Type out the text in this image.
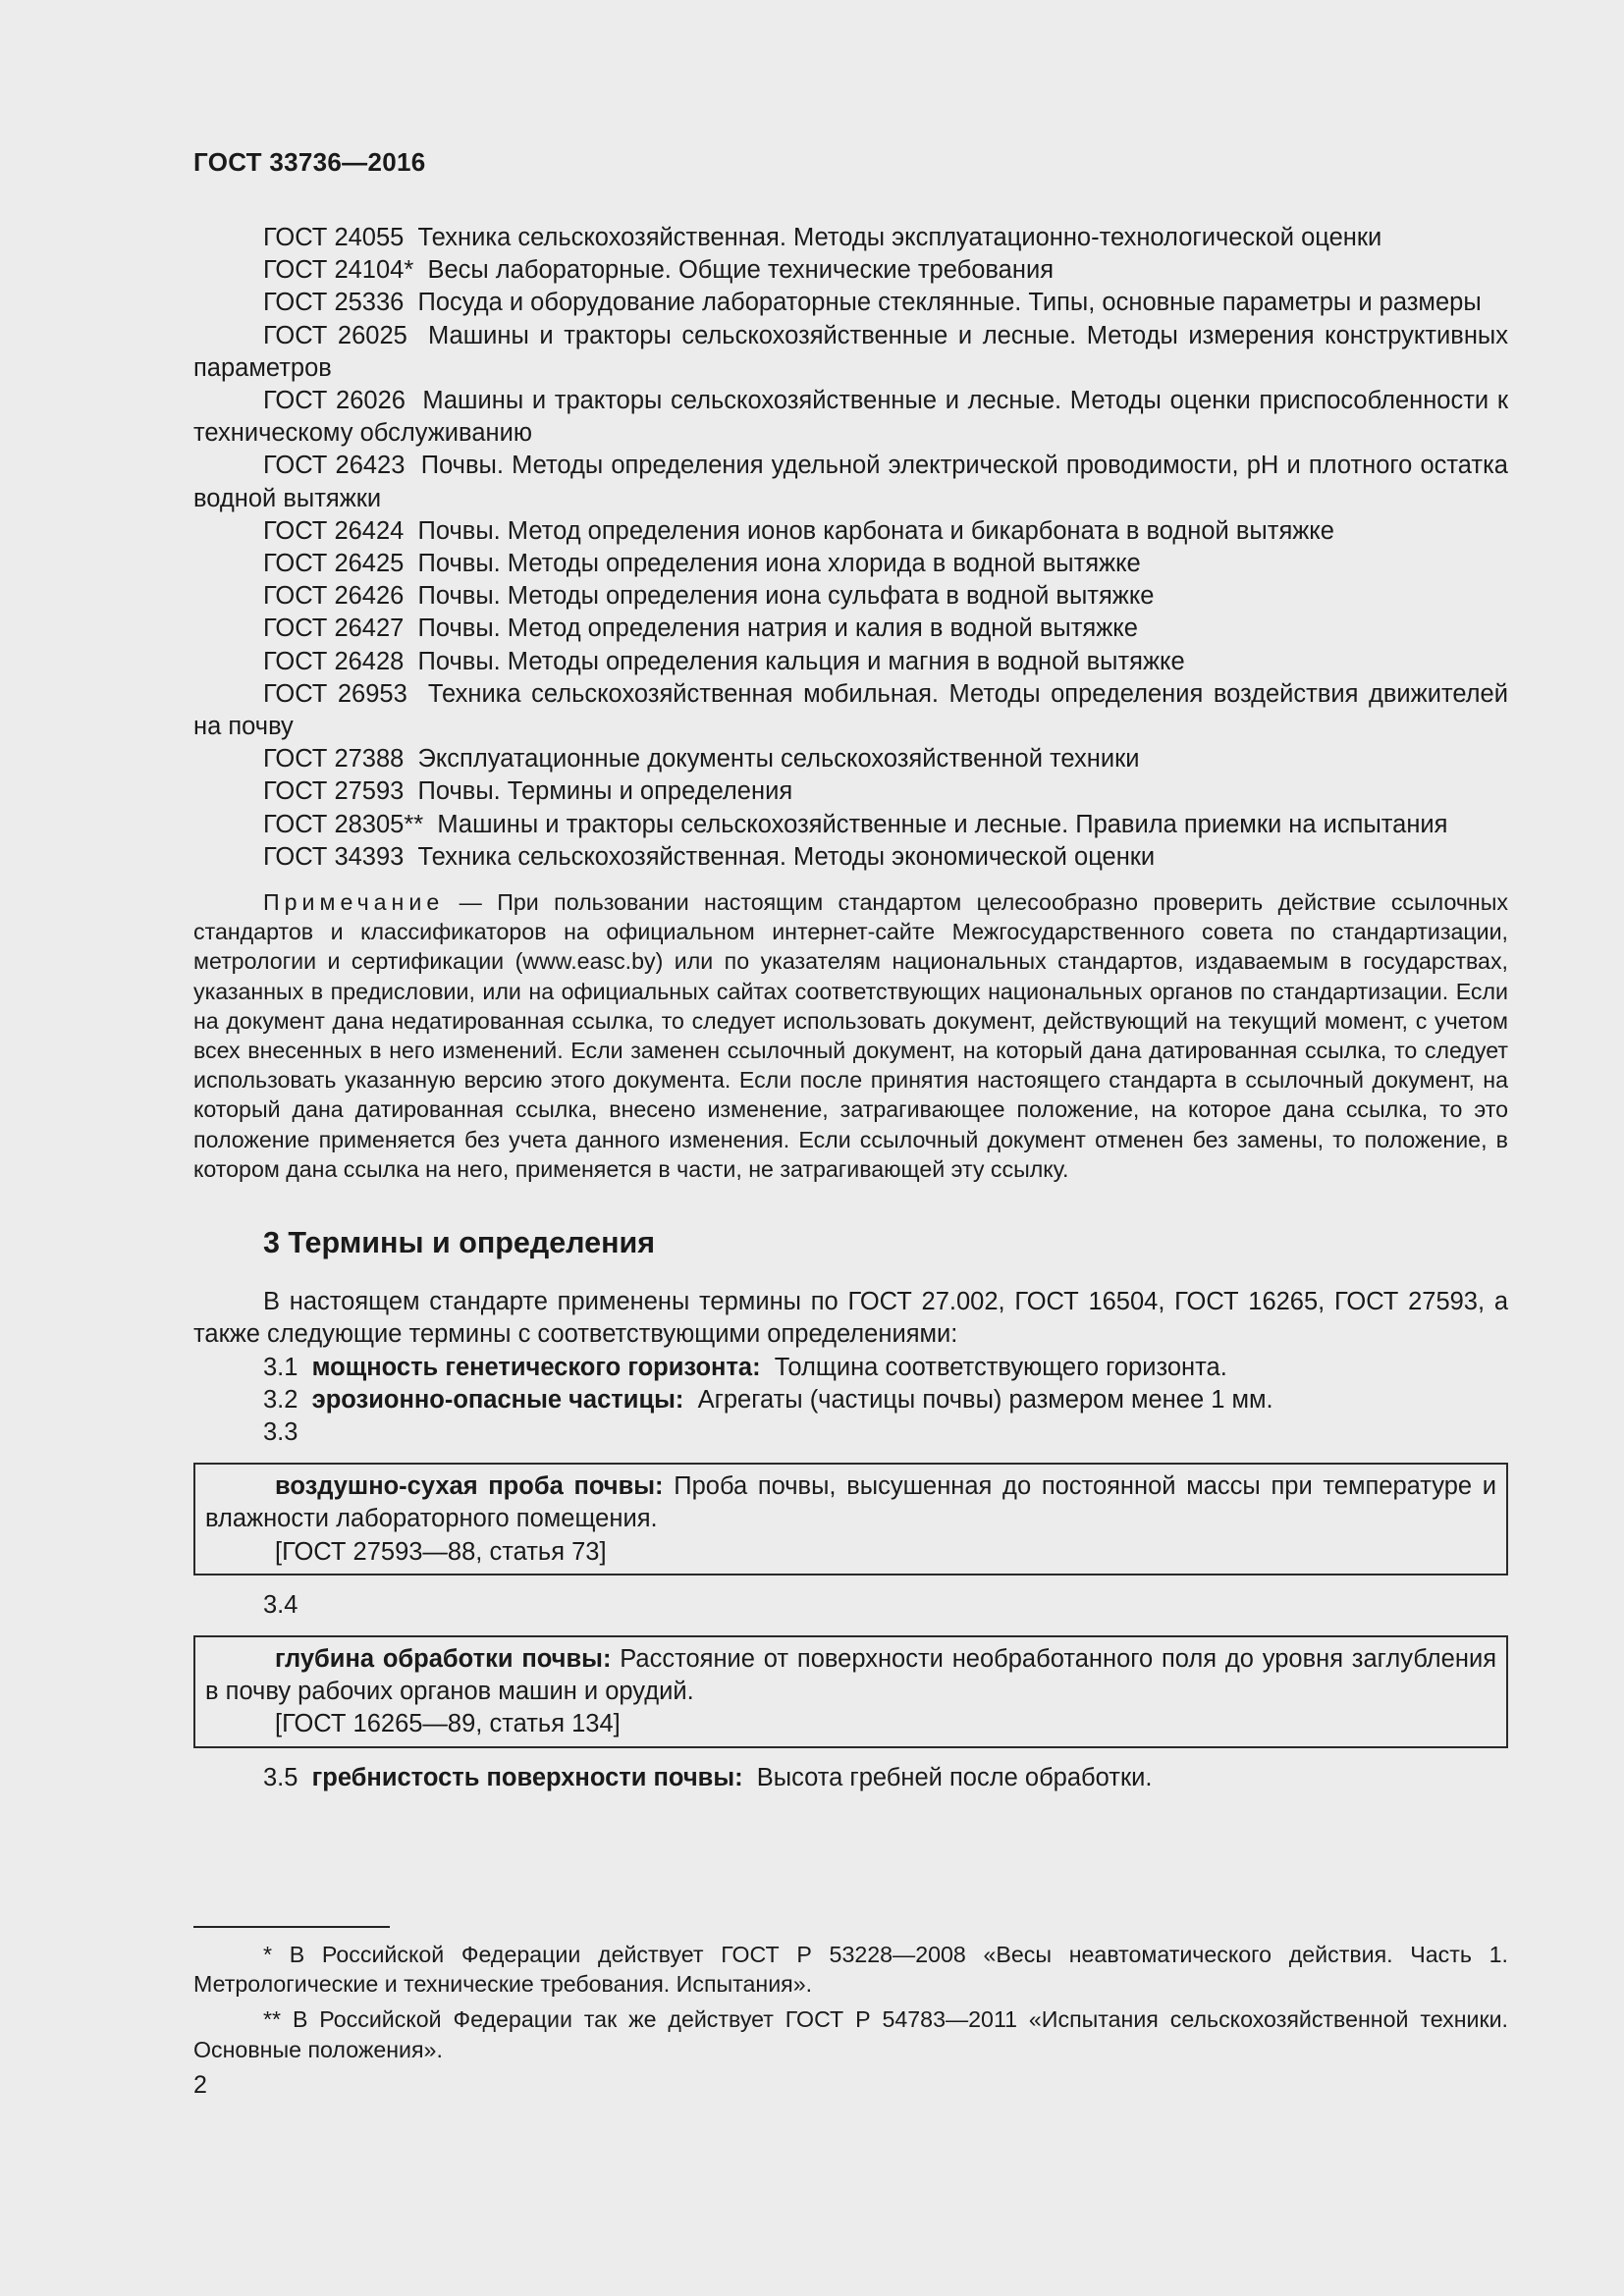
ГОСТ 33736—2016

ГОСТ 24055 Техника сельскохозяйственная. Методы эксплуатационно-технологической оценки

ГОСТ 24104* Весы лабораторные. Общие технические требования

ГОСТ 25336 Посуда и оборудование лабораторные стеклянные. Типы, основные параметры и размеры

ГОСТ 26025 Машины и тракторы сельскохозяйственные и лесные. Методы измерения конструктивных параметров

ГОСТ 26026 Машины и тракторы сельскохозяйственные и лесные. Методы оценки приспособленности к техническому обслуживанию

ГОСТ 26423 Почвы. Методы определения удельной электрической проводимости, pH и плотного остатка водной вытяжки

ГОСТ 26424 Почвы. Метод определения ионов карбоната и бикарбоната в водной вытяжке

ГОСТ 26425 Почвы. Методы определения иона хлорида в водной вытяжке

ГОСТ 26426 Почвы. Методы определения иона сульфата в водной вытяжке

ГОСТ 26427 Почвы. Метод определения натрия и калия в водной вытяжке

ГОСТ 26428 Почвы. Методы определения кальция и магния в водной вытяжке

ГОСТ 26953 Техника сельскохозяйственная мобильная. Методы определения воздействия движителей на почву

ГОСТ 27388 Эксплуатационные документы сельскохозяйственной техники

ГОСТ 27593 Почвы. Термины и определения

ГОСТ 28305** Машины и тракторы сельскохозяйственные и лесные. Правила приемки на испытания

ГОСТ 34393 Техника сельскохозяйственная. Методы экономической оценки

Примечание — При пользовании настоящим стандартом целесообразно проверить действие ссылочных стандартов и классификаторов на официальном интернет-сайте Межгосударственного совета по стандартизации, метрологии и сертификации (www.easc.by) или по указателям национальных стандартов, издаваемым в государствах, указанных в предисловии, или на официальных сайтах соответствующих национальных органов по стандартизации. Если на документ дана недатированная ссылка, то следует использовать документ, действующий на текущий момент, с учетом всех внесенных в него изменений. Если заменен ссылочный документ, на который дана датированная ссылка, то следует использовать указанную версию этого документа. Если после принятия настоящего стандарта в ссылочный документ, на который дана датированная ссылка, внесено изменение, затрагивающее положение, на которое дана ссылка, то это положение применяется без учета данного изменения. Если ссылочный документ отменен без замены, то положение, в котором дана ссылка на него, применяется в части, не затрагивающей эту ссылку.

3 Термины и определения

В настоящем стандарте применены термины по ГОСТ 27.002, ГОСТ 16504, ГОСТ 16265, ГОСТ 27593, а также следующие термины с соответствующими определениями:

3.1 мощность генетического горизонта: Толщина соответствующего горизонта.

3.2 эрозионно-опасные частицы: Агрегаты (частицы почвы) размером менее 1 мм.

3.3

воздушно-сухая проба почвы: Проба почвы, высушенная до постоянной массы при температуре и влажности лабораторного помещения.

[ГОСТ 27593—88, статья 73]

3.4

глубина обработки почвы: Расстояние от поверхности необработанного поля до уровня заглубления в почву рабочих органов машин и орудий.

[ГОСТ 16265—89, статья 134]

3.5 гребнистость поверхности почвы: Высота гребней после обработки.

* В Российской Федерации действует ГОСТ Р 53228—2008 «Весы неавтоматического действия. Часть 1. Метрологические и технические требования. Испытания».

** В Российской Федерации так же действует ГОСТ Р 54783—2011 «Испытания сельскохозяйственной техники. Основные положения».

2
